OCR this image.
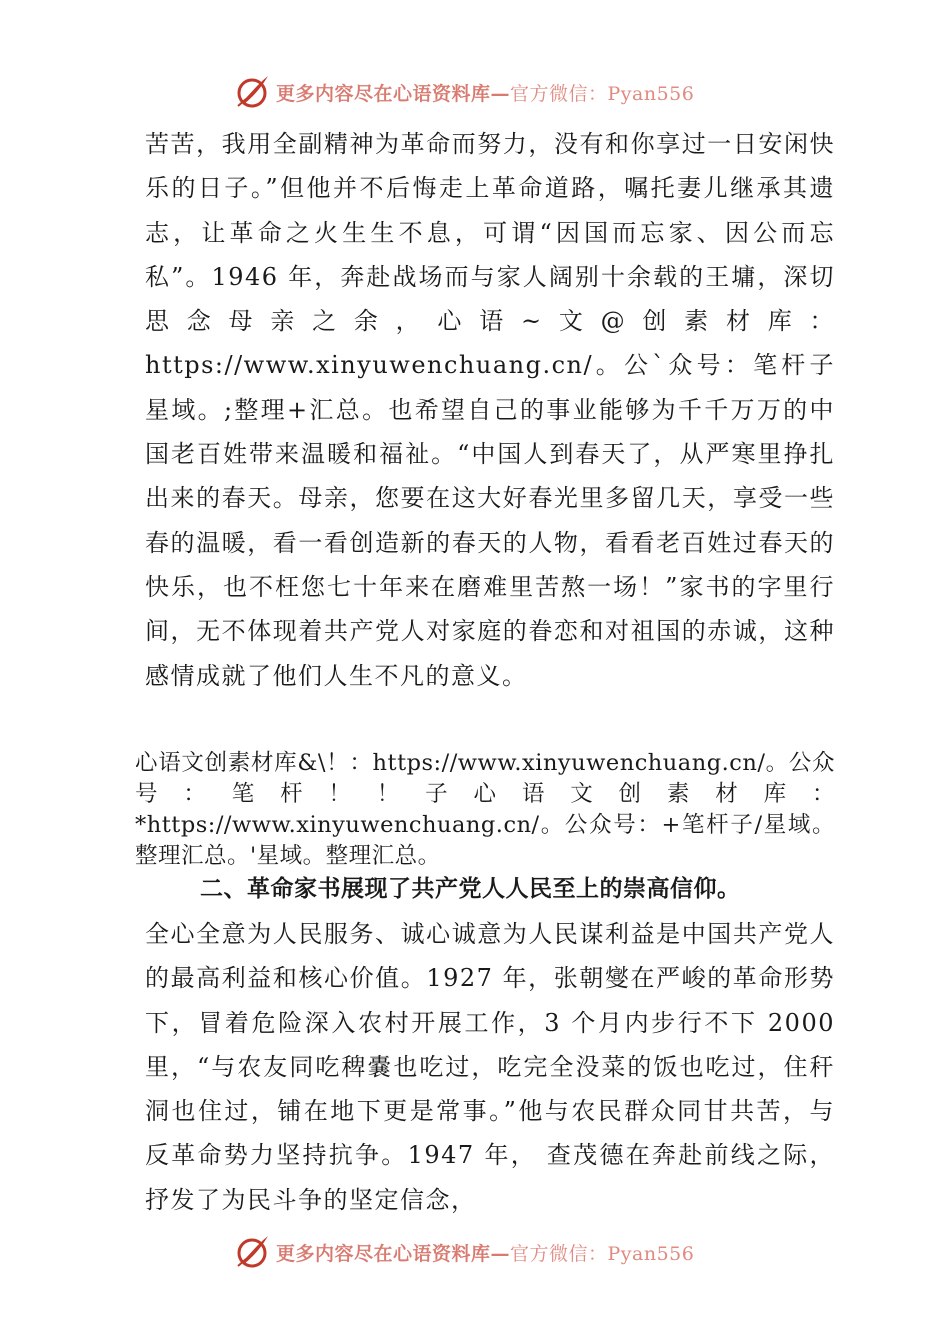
更多内容尽在心语资料库—官方微信：Pyan556
苦苦，我用全副精神为革命而努力，没有和你享过一日安闲快乐的日子。”但他并不后悔走上革命道路，嘱托妻儿继承其遗志，让革命之火生生不息，可谓“因国而忘家、因公而忘私”。1946 年，奔赴战场而与家人阔别十余载的王墉，深切思念母亲之余，心语~文@创素材库：https://www.xinyuwenchuang.cn/。公`众号：笔杆子星域。;整理+汇总。也希望自己的事业能够为千千万万的中国老百姓带来温暖和福祉。“中国人到春天了，从严寒里挣扎出来的春天。母亲，您要在这大好春光里多留几天，享受一些春的温暖，看一看创造新的春天的人物，看看老百姓过春天的快乐，也不枉您七十年来在磨难里苦熬一场！”家书的字里行间，无不体现着共产党人对家庭的眷恋和对祖国的赤诚，这种感情成就了他们人生不凡的意义。
心语文创素材库&\！：https://www.xinyuwenchuang.cn/。公众号：笔杆！！子心语文创素材库：*https://www.xinyuwenchuang.cn/。公众号：+笔杆子/星域。整理汇总。'星域。整理汇总。
二、革命家书展现了共产党人人民至上的崇高信仰。
全心全意为人民服务、诚心诚意为人民谋利益是中国共产党人的最高利益和核心价值。1927 年，张朝燮在严峻的革命形势下，冒着危险深入农村开展工作，3 个月内步行不下 2000 里，“与农友同吃稗嚢也吃过，吃完全没菜的饭也吃过，住秆洞也住过，铺在地下更是常事。”他与农民群众同甘共苦，与反革命势力坚持抗争。1947 年， 查茂德在奔赴前线之际，抒发了为民斗争的坚定信念，
更多内容尽在心语资料库—官方微信：Pyan556
